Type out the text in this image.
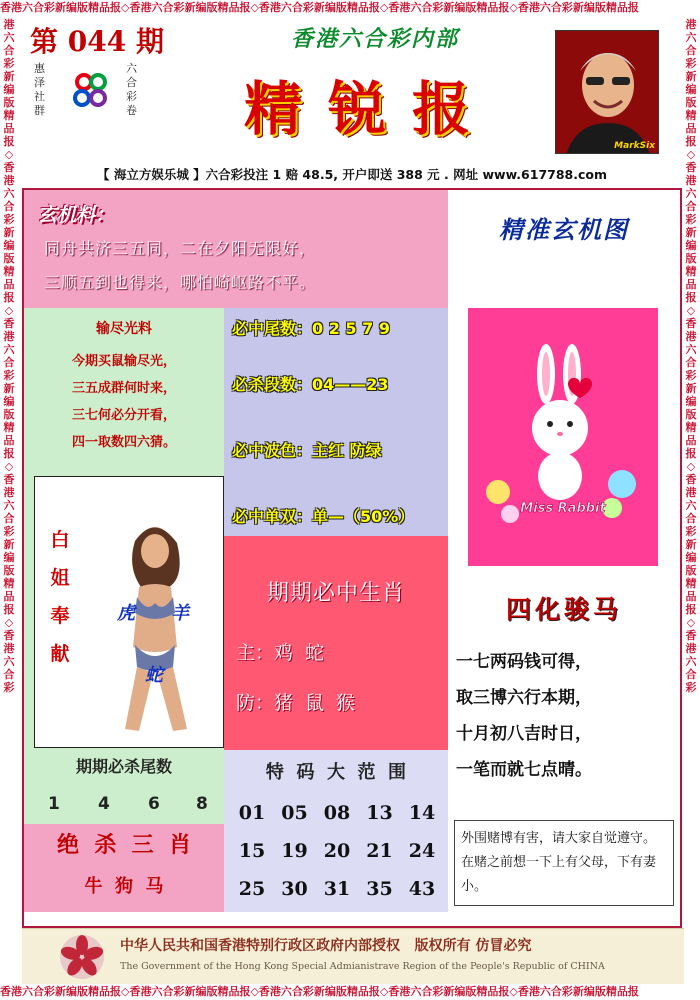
香港六合彩新编版精品报◇香港六合彩新编版精品报◇香港六合彩新编版精品报◇香港六合彩新编版精品报◇香港六合彩新编版精品报
香港六合彩新编版精品报◇香港六合彩新编版精品报◇香港六合彩新编版精品报◇香港六合彩新编版精品报◇香港六合彩新编版精品报
港
六
合
彩
新
编
版
精
品
报
◇
香
港
六
合
彩
新
编
版
精
品
报
◇
香
港
六
合
彩
新
编
版
精
品
报
◇
香
港
六
合
彩
新
编
版
精
品
报
◇
香
港
六
合
彩
港
六
合
彩
新
编
版
精
品
报
◇
香
港
六
合
彩
新
编
版
精
品
报
◇
香
港
六
合
彩
新
编
版
精
品
报
◇
香
港
六
合
彩
新
编
版
精
品
报
◇
香
港
六
合
彩
第 044 期
惠
泽
社
群
六
合
彩
卷
香港六合彩内部
精锐报
MarkSix
【 海立方娱乐城 】六合彩投注 1 赔 48.5, 开户即送 388 元 . 网址 www.617788.com
玄机料：
同舟共济三五同，二在夕阳无限好，
三顺五到也得来，哪怕崎岖路不平。
输尽光料
今期买鼠输尽光，
三五成群何时来，
三七何必分开看，
四一取数四六猜。
必中尾数：0 2 5 7 9
必杀段数：04——23
必中波色：主红 防绿
必中单双：单—（50%）
白
姐
奉
献
虎 羊
蛇
期期必中生肖
主：鸡  蛇
防：猪  鼠  猴
期期必杀尾数
1 4 6 8
绝  杀  三  肖
牛  狗  马
特  码  大  范  围
01 05 08 13 14
15 19 20 21 24
25 30 31 35 43
精准玄机图
Miss Rabbit
四化骏马
一七两码钱可得，
取三博六行本期，
十月初八吉时日，
一笔而就七点晴。
外围赌博有害，请大家自觉遵守。在赌之前想一下上有父母，下有妻小。
中华人民共和国香港特别行政区政府内部授权   版权所有 仿冒必究
The Government of the Hong Kong Special Admianistrave Region of the People's Republic of CHINA
